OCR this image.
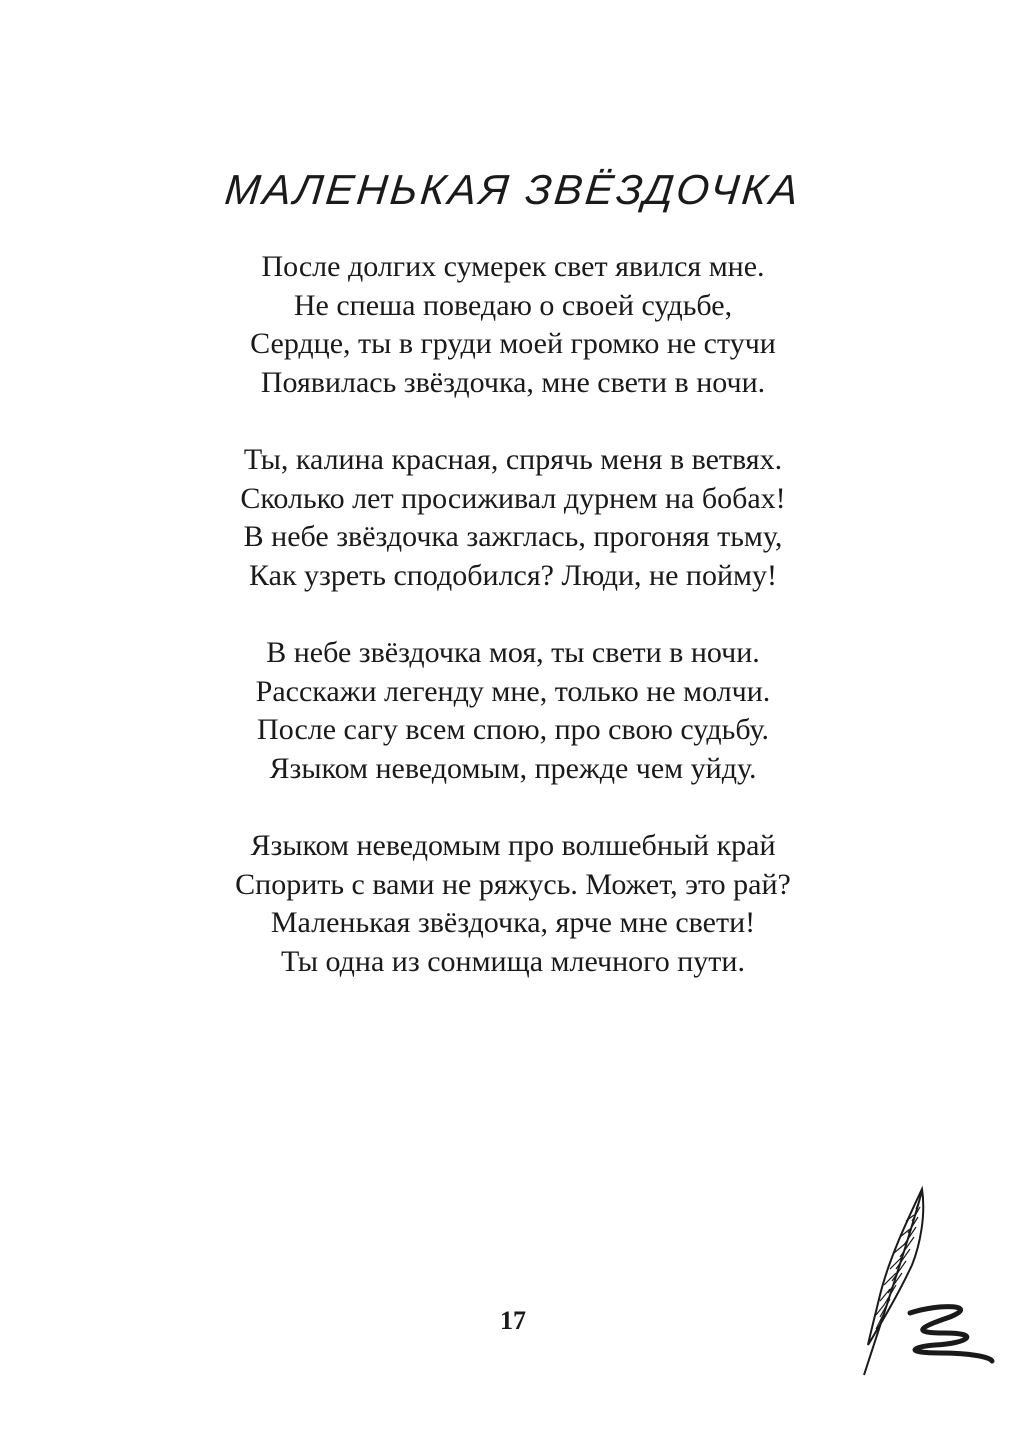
МАЛЕНЬКАЯ ЗВЁЗДОЧКА
После долгих сумерек свет явился мне.
Не спеша поведаю о своей судьбе,
Сердце, ты в груди моей громко не стучи
Появилась звёздочка, мне свети в ночи.
Ты, калина красная, спрячь меня в ветвях.
Сколько лет просиживал дурнем на бобах!
В небе звёздочка зажглась, прогоняя тьму,
Как узреть сподобился? Люди, не пойму!
В небе звёздочка моя, ты свети в ночи.
Расскажи легенду мне, только не молчи.
После сагу всем спою, про свою судьбу.
Языком неведомым, прежде чем уйду.
Языком неведомым про волшебный край
Спорить с вами не ряжусь. Может, это рай?
Маленькая звёздочка, ярче мне свети!
Ты одна из сонмища млечного пути.
17
